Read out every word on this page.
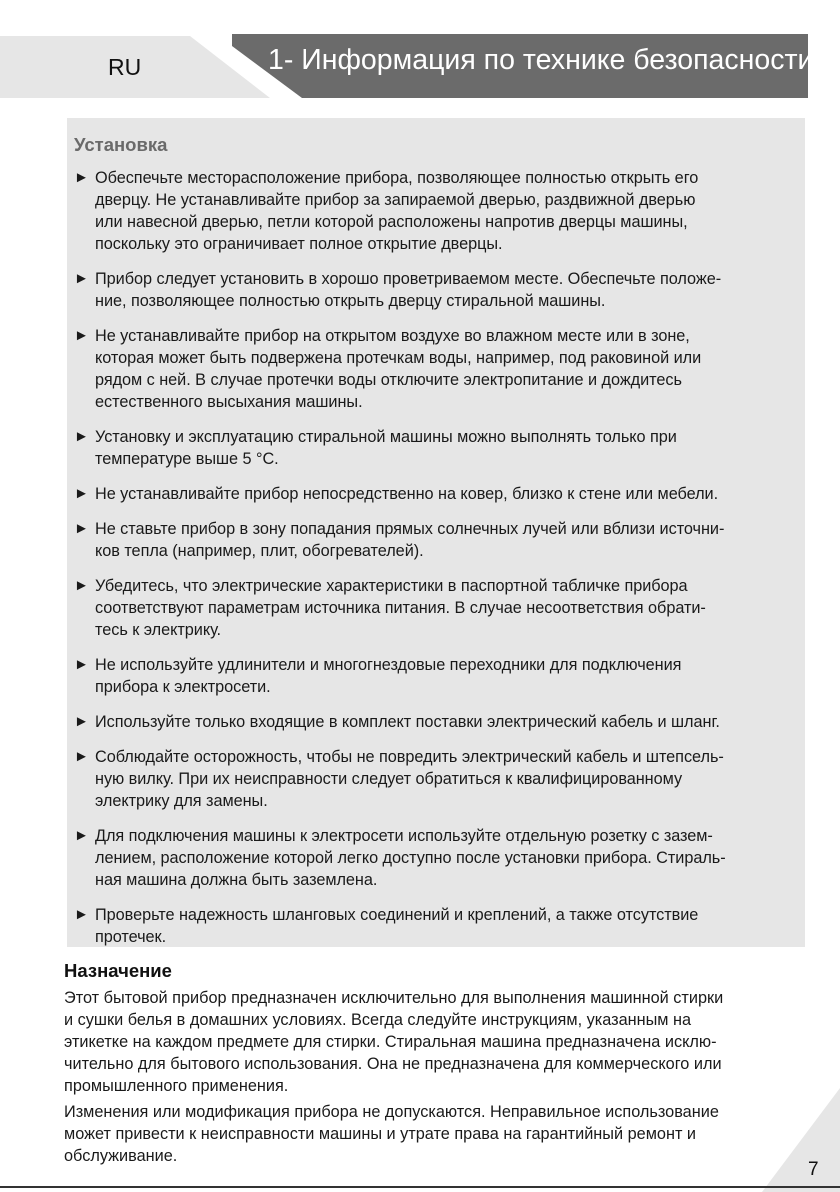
RU	1- Информация по технике безопасности
Установка
► Обеспечьте месторасположение прибора, позволяющее полностью открыть его
дверцу. Не устанавливайте прибор за запираемой дверью, раздвижной дверью
или навесной дверью, петли которой расположены напротив дверцы машины,
поскольку это ограничивает полное открытие дверцы.
► Прибор следует установить в хорошо проветриваемом месте. Обеспечьте положе-
ние, позволяющее полностью открыть дверцу стиральной машины.
► Не устанавливайте прибор на открытом воздухе во влажном месте или в зоне,
которая может быть подвержена протечкам воды, например, под раковиной или
рядом с ней. В случае протечки воды отключите электропитание и дождитесь
естественного высыхания машины.
► Установку и эксплуатацию стиральной машины можно выполнять только при
температуре выше 5 °C.
► Не устанавливайте прибор непосредственно на ковер, близко к стене или мебели.
► Не ставьте прибор в зону попадания прямых солнечных лучей или вблизи источни-
ков тепла (например, плит, обогревателей).
► Убедитесь, что электрические характеристики в паспортной табличке прибора
соответствуют параметрам источника питания. В случае несоответствия обрати-
тесь к электрику.
► Не используйте удлинители и многогнездовые переходники для подключения
прибора к электросети.
► Используйте только входящие в комплект поставки электрический кабель и шланг.
► Соблюдайте осторожность, чтобы не повредить электрический кабель и штепсель-
ную вилку. При их неисправности следует обратиться к квалифицированному
электрику для замены.
► Для подключения машины к электросети используйте отдельную розетку с зазем-
лением, расположение которой легко доступно после установки прибора. Стираль-
ная машина должна быть заземлена.
► Проверьте надежность шланговых соединений и креплений, а также отсутствие
протечек.
Назначение

Этот бытовой прибор предназначен исключительно для выполнения машинной стирки
и сушки белья в домашних условиях. Всегда следуйте инструкциям, указанным на
этикетке на каждом предмете для стирки. Стиральная машина предназначена исклю-
чительно для бытового использования. Она не предназначена для коммерческого или
промышленного применения.

Изменения или модификация прибора не допускаются. Неправильное использование
может привести к неисправности машины и утрате права на гарантийный ремонт и
обслуживание.

7
